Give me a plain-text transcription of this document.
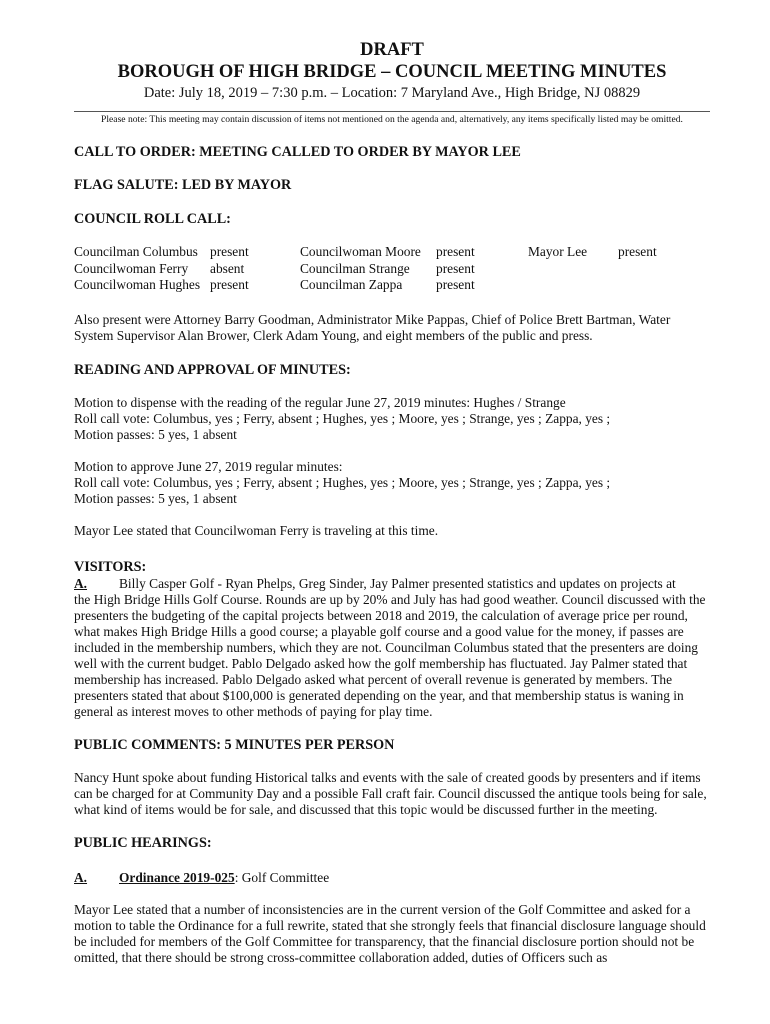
DRAFT
BOROUGH OF HIGH BRIDGE – COUNCIL MEETING MINUTES
Date: July 18, 2019 – 7:30 p.m. – Location: 7 Maryland Ave., High Bridge, NJ 08829
Please note: This meeting may contain discussion of items not mentioned on the agenda and, alternatively, any items specifically listed may be omitted.
CALL TO ORDER: MEETING CALLED TO ORDER BY MAYOR LEE
FLAG SALUTE: LED BY MAYOR
COUNCIL ROLL CALL:
Councilman Columbus present	Councilwoman Moore	present	Mayor Lee	present
Councilwoman Ferry	absent	Councilman Strange	present
Councilwoman Hughes present	Councilman Zappa	present

Also present were Attorney Barry Goodman, Administrator Mike Pappas, Chief of Police Brett Bartman, Water System Supervisor Alan Brower, Clerk Adam Young, and eight members of the public and press.

READING AND APPROVAL OF MINUTES:

Motion to dispense with the reading of the regular June 27, 2019 minutes: Hughes / Strange

Roll call vote: Columbus, yes ; Ferry, absent ; Hughes, yes ; Moore, yes ; Strange, yes ; Zappa, yes ;

Motion passes: 5 yes, 1 absent

Motion to approve June 27, 2019 regular minutes:

Roll call vote: Columbus, yes ; Ferry, absent ; Hughes, yes ; Moore, yes ; Strange, yes ; Zappa, yes ;

Motion passes: 5 yes, 1 absent

Mayor Lee stated that Councilwoman Ferry is traveling at this time.

VISITORS:
A.	Billy Casper Golf - Ryan Phelps, Greg Sinder, Jay Palmer presented statistics and updates on projects at

the High Bridge Hills Golf Course. Rounds are up by 20% and July has had good weather. Council discussed with the presenters the budgeting of the capital projects between 2018 and 2019, the calculation of average price per round, what makes High Bridge Hills a good course; a playable golf course and a good value for the money, if passes are included in the membership numbers, which they are not. Councilman Columbus stated that the presenters are doing well with the current budget. Pablo Delgado asked how the golf membership has fluctuated. Jay Palmer stated that membership has increased. Pablo Delgado asked what percent of overall revenue is generated by members. The presenters stated that about $100,000 is generated depending on the year, and that membership status is waning in general as interest moves to other methods of paying for play time.

PUBLIC COMMENTS: 5 MINUTES PER PERSON

Nancy Hunt spoke about funding Historical talks and events with the sale of created goods by presenters and if items can be charged for at Community Day and a possible Fall craft fair. Council discussed the antique tools being for sale, what kind of items would be for sale, and discussed that this topic would be discussed further in the meeting.

PUBLIC HEARINGS:
A.	Ordinance 2019-025: Golf Committee

Mayor Lee stated that a number of inconsistencies are in the current version of the Golf Committee and asked for a motion to table the Ordinance for a full rewrite, stated that she strongly feels that financial disclosure language should be included for members of the Golf Committee for transparency, that the financial disclosure portion should not be omitted, that there should be strong cross-committee collaboration added, duties of Officers such as
